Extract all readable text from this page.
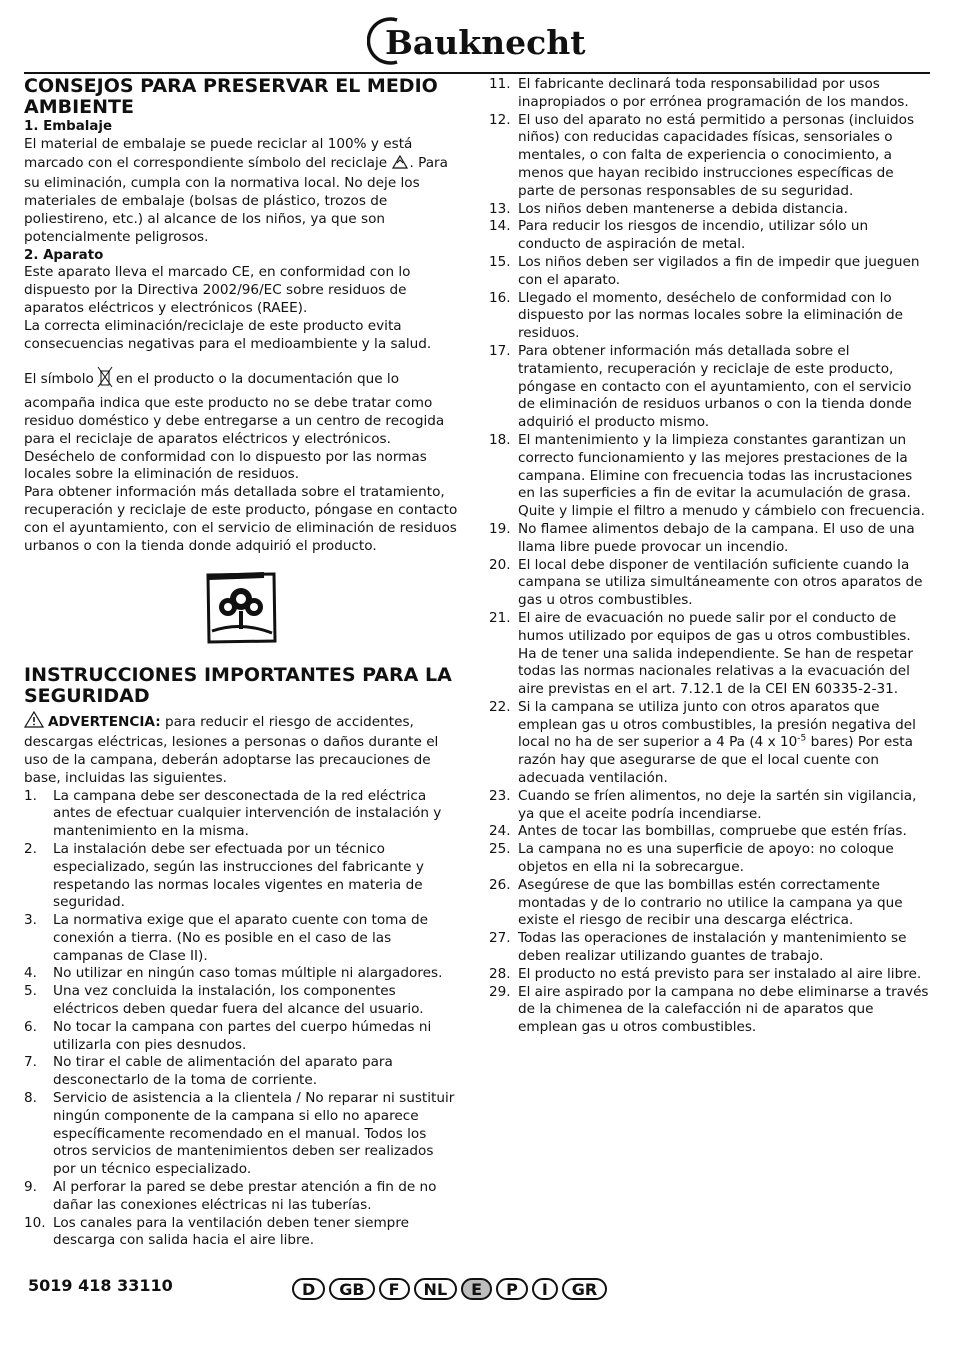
Bauknecht
CONSEJOS PARA PRESERVAR EL MEDIO AMBIENTE

1. Embalaje

El material de embalaje se puede reciclar al 100% y está marcado con el correspondiente símbolo del reciclaje . Para su eliminación, cumpla con la normativa local. No deje los materiales de embalaje (bolsas de plástico, trozos de poliestireno, etc.) al alcance de los niños, ya que son potencialmente peligrosos.

2. Aparato

Este aparato lleva el marcado CE, en conformidad con lo dispuesto por la Directiva 2002/96/EC sobre residuos de aparatos eléctricos y electrónicos (RAEE).

La correcta eliminación/reciclaje de este producto evita consecuencias negativas para el medioambiente y la salud.

El símbolo en el producto o la documentación que lo acompaña indica que este producto no se debe tratar como residuo doméstico y debe entregarse a un centro de recogida para el reciclaje de aparatos eléctricos y electrónicos. Deséchelo de conformidad con lo dispuesto por las normas locales sobre la eliminación de residuos.

Para obtener información más detallada sobre el tratamiento, recuperación y reciclaje de este producto, póngase en contacto con el ayuntamiento, con el servicio de eliminación de residuos urbanos o con la tienda donde adquirió el producto.

INSTRUCCIONES IMPORTANTES PARA LA SEGURIDAD

ADVERTENCIA: para reducir el riesgo de accidentes, descargas eléctricas, lesiones a personas o daños durante el uso de la campana, deberán adoptarse las precauciones de base, incluidas las siguientes.

1. La campana debe ser desconectada de la red eléctrica antes de efectuar cualquier intervención de instalación y mantenimiento en la misma.
2. La instalación debe ser efectuada por un técnico especializado, según las instrucciones del fabricante y respetando las normas locales vigentes en materia de seguridad.
3. La normativa exige que el aparato cuente con toma de conexión a tierra. (No es posible en el caso de las campanas de Clase II).
4. No utilizar en ningún caso tomas múltiple ni alargadores.
5. Una vez concluida la instalación, los componentes eléctricos deben quedar fuera del alcance del usuario.
6. No tocar la campana con partes del cuerpo húmedas ni utilizarla con pies desnudos.
7. No tirar el cable de alimentación del aparato para desconectarlo de la toma de corriente.
8. Servicio de asistencia a la clientela / No reparar ni sustituir ningún componente de la campana si ello no aparece específicamente recomendado en el manual. Todos los otros servicios de mantenimientos deben ser realizados por un técnico especializado.
9. Al perforar la pared se debe prestar atención a fin de no dañar las conexiones eléctricas ni las tuberías.
10. Los canales para la ventilación deben tener siempre descarga con salida hacia el aire libre.
11. El fabricante declinará toda responsabilidad por usos inapropiados o por errónea programación de los mandos.
12. El uso del aparato no está permitido a personas (incluidos niños) con reducidas capacidades físicas, sensoriales o mentales, o con falta de experiencia o conocimiento, a menos que hayan recibido instrucciones específicas de parte de personas responsables de su seguridad.
13. Los niños deben mantenerse a debida distancia.
14. Para reducir los riesgos de incendio, utilizar sólo un conducto de aspiración de metal.
15. Los niños deben ser vigilados a fin de impedir que jueguen con el aparato.
16. Llegado el momento, deséchelo de conformidad con lo dispuesto por las normas locales sobre la eliminación de residuos.
17. Para obtener información más detallada sobre el tratamiento, recuperación y reciclaje de este producto, póngase en contacto con el ayuntamiento, con el servicio de eliminación de residuos urbanos o con la tienda donde adquirió el producto mismo.
18. El mantenimiento y la limpieza constantes garantizan un correcto funcionamiento y las mejores prestaciones de la campana. Elimine con frecuencia todas las incrustaciones en las superficies a fin de evitar la acumulación de grasa. Quite y limpie el filtro a menudo y cámbielo con frecuencia.
19. No flamee alimentos debajo de la campana. El uso de una llama libre puede provocar un incendio.
20. El local debe disponer de ventilación suficiente cuando la campana se utiliza simultáneamente con otros aparatos de gas u otros combustibles.
21. El aire de evacuación no puede salir por el conducto de humos utilizado por equipos de gas u otros combustibles. Ha de tener una salida independiente. Se han de respetar todas las normas nacionales relativas a la evacuación del aire previstas en el art. 7.12.1 de la CEI EN 60335-2-31.
22. Si la campana se utiliza junto con otros aparatos que emplean gas u otros combustibles, la presión negativa del local no ha de ser superior a 4 Pa (4 x $10^{-5}$ bares) Por esta razón hay que asegurarse de que el local cuente con adecuada ventilación.
23. Cuando se fríen alimentos, no deje la sartén sin vigilancia, ya que el aceite podría incendiarse.
24. Antes de tocar las bombillas, compruebe que estén frías.
25. La campana no es una superficie de apoyo: no coloque objetos en ella ni la sobrecargue.
26. Asegúrese de que las bombillas estén correctamente montadas y de lo contrario no utilice la campana ya que existe el riesgo de recibir una descarga eléctrica.
27. Todas las operaciones de instalación y mantenimiento se deben realizar utilizando guantes de trabajo.
28. El producto no está previsto para ser instalado al aire libre.
29. El aire aspirado por la campana no debe eliminarse a través de la chimenea de la calefacción ni de aparatos que emplean gas u otros combustibles.
5019 418 33110	D	GB	F	NL	E	P	I	GR
